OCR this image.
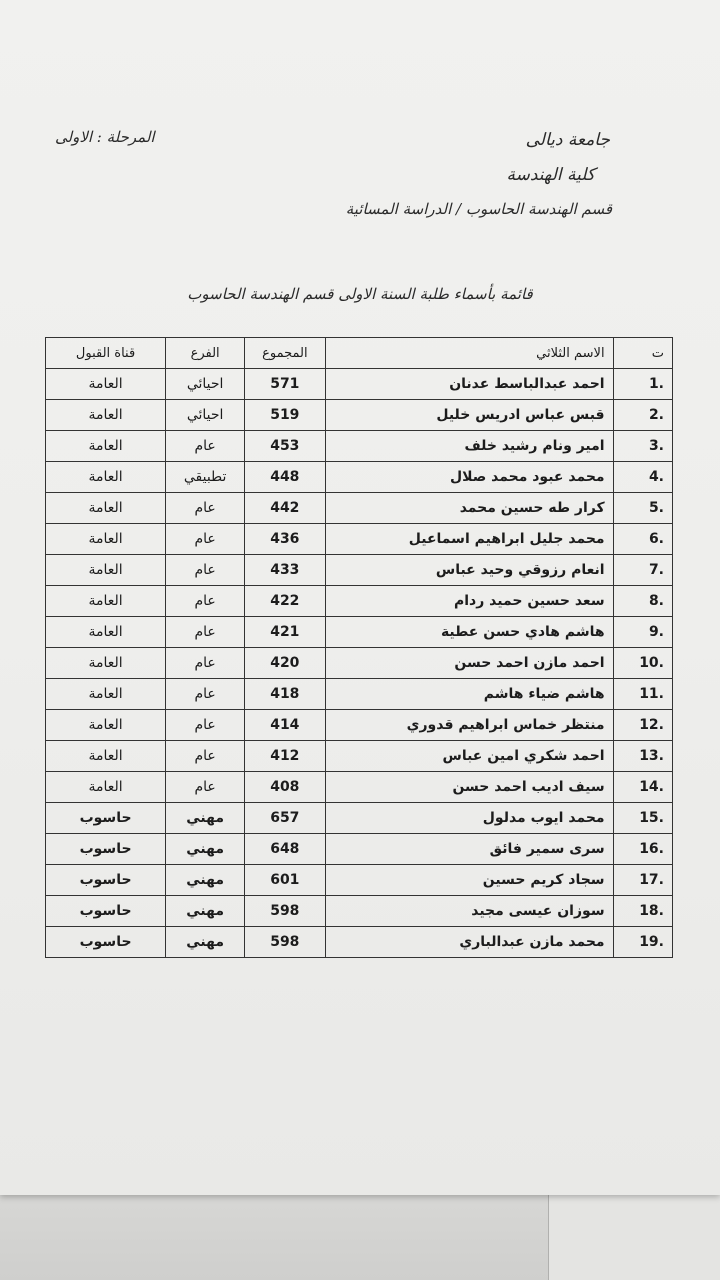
جامعة ديالى
كلية الهندسة
قسم الهندسة الحاسوب / الدراسة المسائية
المرحلة : الاولى
قائمة بأسماء طلبة السنة الاولى قسم الهندسة الحاسوب
ت	الاسم الثلاثي	المجموع	الفرع	قناة القبول
1.	احمد عبدالباسط عدنان	571	احيائي	العامة
2.	قبس عباس ادريس خليل	519	احيائي	العامة
3.	امير ونام رشيد خلف	453	عام	العامة
4.	محمد عبود محمد صلال	448	تطبيقي	العامة
5.	كرار طه حسين محمد	442	عام	العامة
6.	محمد جليل ابراهيم اسماعيل	436	عام	العامة
7.	انعام رزوقي وحيد عباس	433	عام	العامة
8.	سعد حسين حميد ردام	422	عام	العامة
9.	هاشم هادي حسن عطية	421	عام	العامة
10.	احمد مازن احمد حسن	420	عام	العامة
11.	هاشم ضياء هاشم	418	عام	العامة
12.	منتظر خماس ابراهيم قدوري	414	عام	العامة
13.	احمد شكري امين عباس	412	عام	العامة
14.	سيف اديب احمد حسن	408	عام	العامة
15.	محمد ايوب مدلول	657	مهني	حاسوب
16.	سرى سمير فائق	648	مهني	حاسوب
17.	سجاد كريم حسين	601	مهني	حاسوب
18.	سوزان عيسى مجيد	598	مهني	حاسوب
19.	محمد مازن عبدالباري	598	مهني	حاسوب
